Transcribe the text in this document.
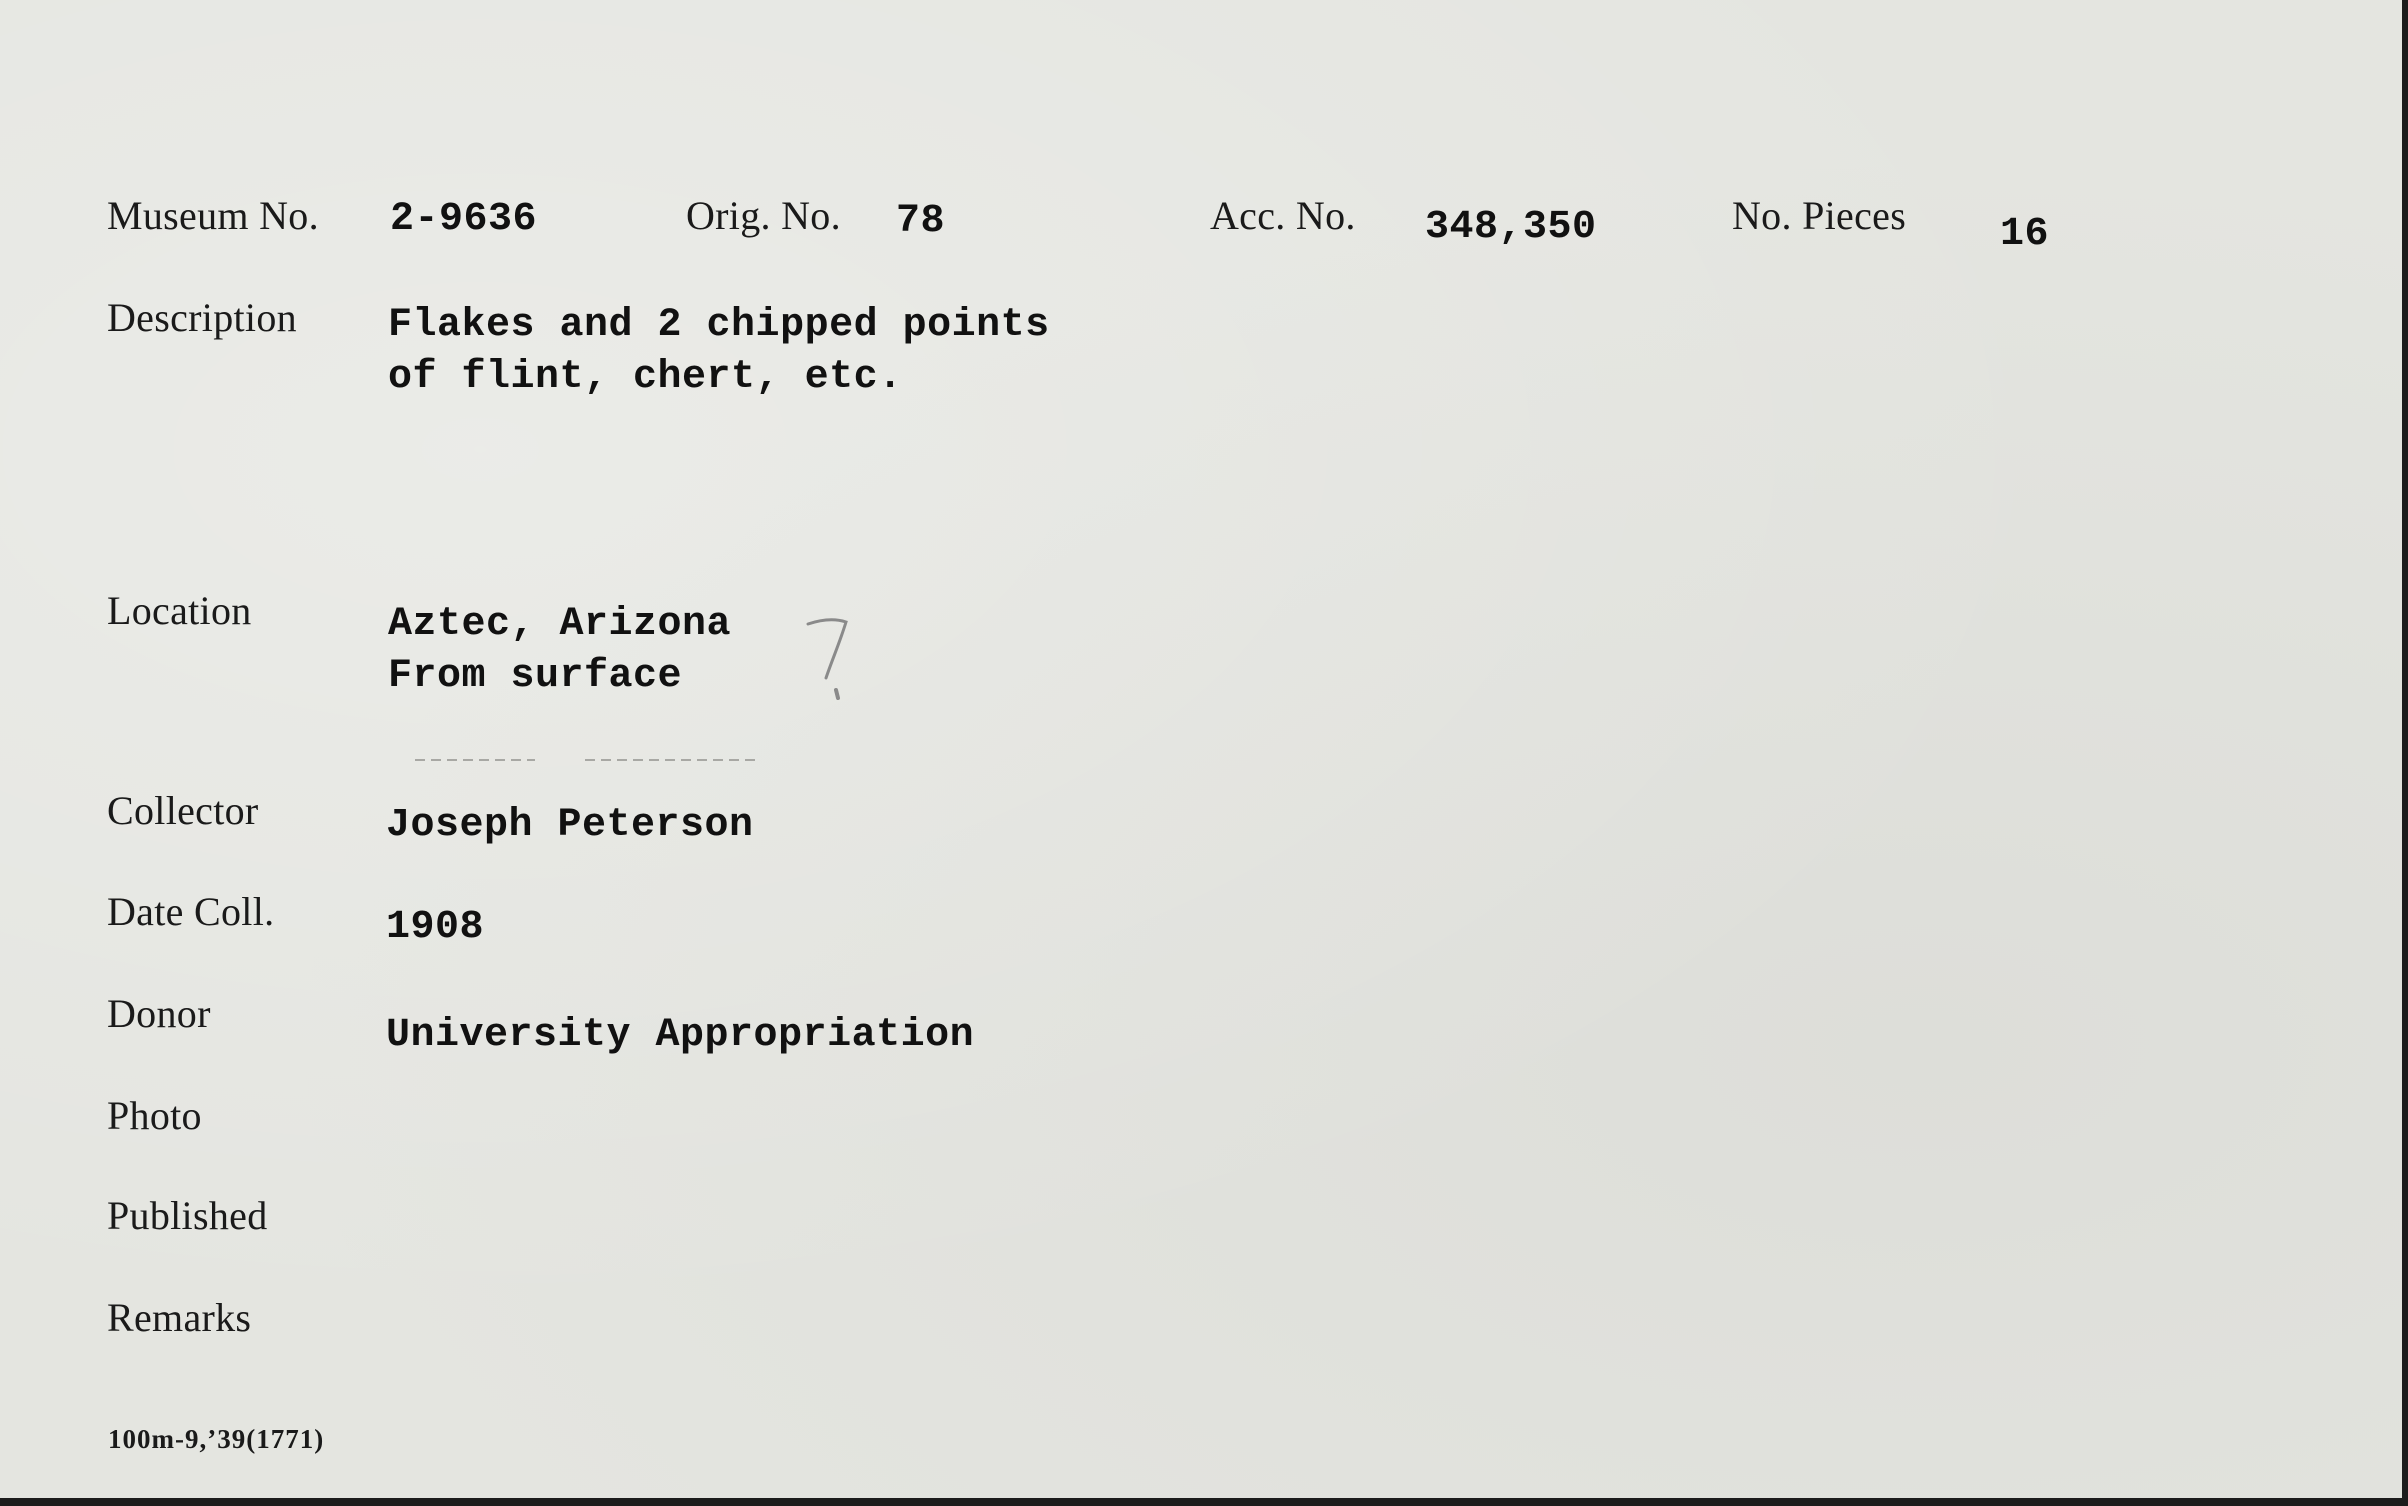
Museum No. 2-9636	Orig. No. 78	Acc. No. 348,350	No. Pieces 16
Description Flakes and 2 chipped points
of flint, chert, etc.
Location	Aztec, Arizona
From surface
Collector	Joseph Peterson
Date Coll.	1908
Donor	University Appropriation
Photo
Published
Remarks
100m-9,’39(1771)
